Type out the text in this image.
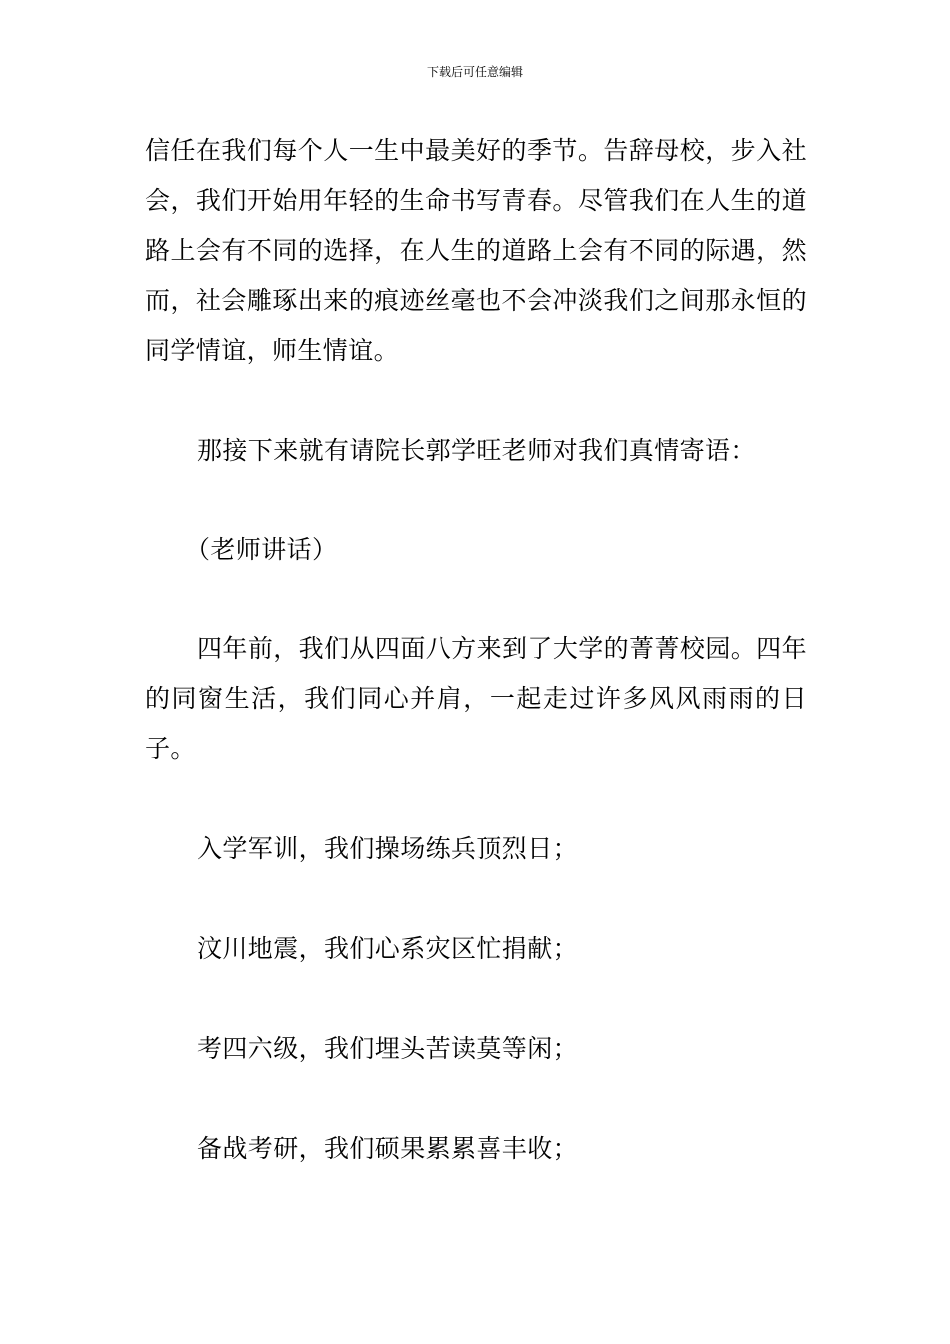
下载后可任意编辑

信任在我们每个人一生中最美好的季节。告辞母校，步入社会，我们开始用年轻的生命书写青春。尽管我们在人生的道路上会有不同的选择，在人生的道路上会有不同的际遇，然而，社会雕琢出来的痕迹丝毫也不会冲淡我们之间那永恒的同学情谊，师生情谊。

那接下来就有请院长郭学旺老师对我们真情寄语：

（老师讲话）

四年前，我们从四面八方来到了大学的菁菁校园。四年的同窗生活，我们同心并肩，一起走过许多风风雨雨的日子。

入学军训，我们操场练兵顶烈日；

汶川地震，我们心系灾区忙捐献；

考四六级，我们埋头苦读莫等闲；

备战考研，我们硕果累累喜丰收；
